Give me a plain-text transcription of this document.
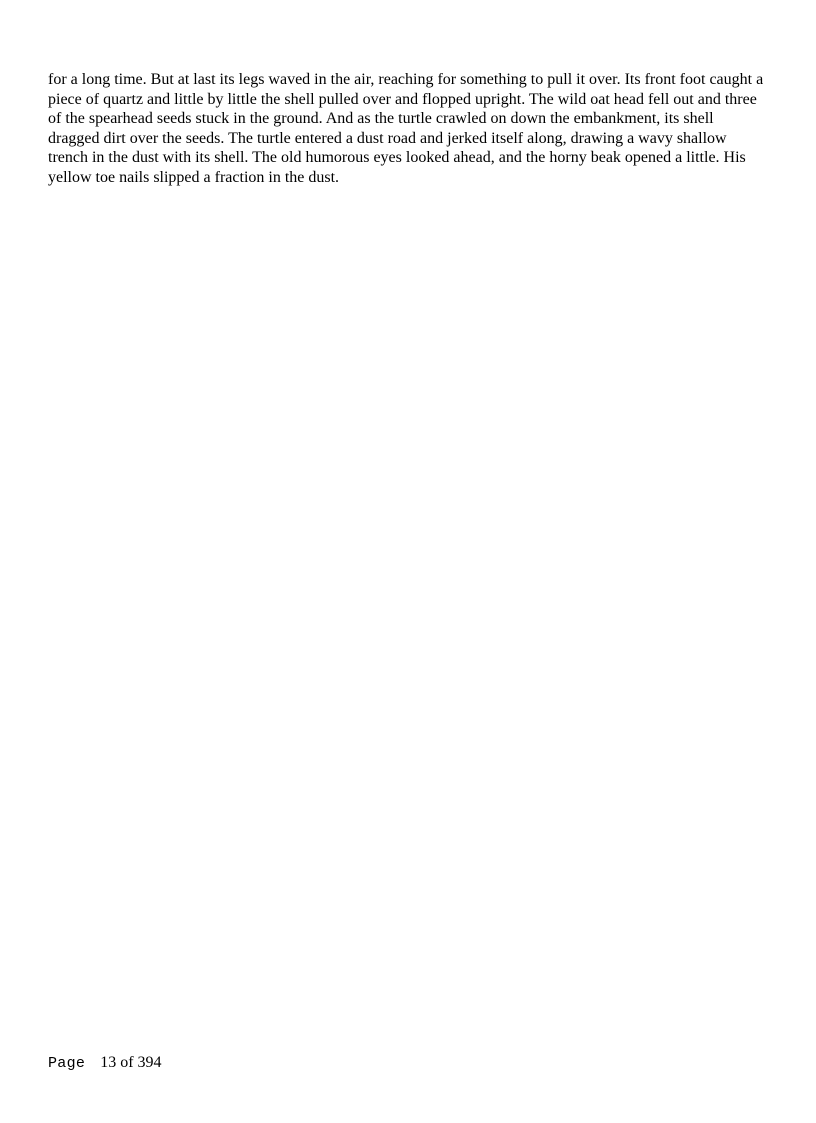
for a long time. But at last its legs waved in the air, reaching for something to pull it over. Its front foot caught a
piece of quartz and little by little the shell pulled over and flopped upright. The wild oat head fell out and three
of the spearhead seeds stuck in the ground. And as the turtle crawled on down the embankment, its shell
dragged dirt over the seeds. The turtle entered a dust road and jerked itself along, drawing a wavy shallow
trench in the dust with its shell. The old humorous eyes looked ahead, and the horny beak opened a little. His
yellow toe nails slipped a fraction in the dust.

Page 13 of 394
